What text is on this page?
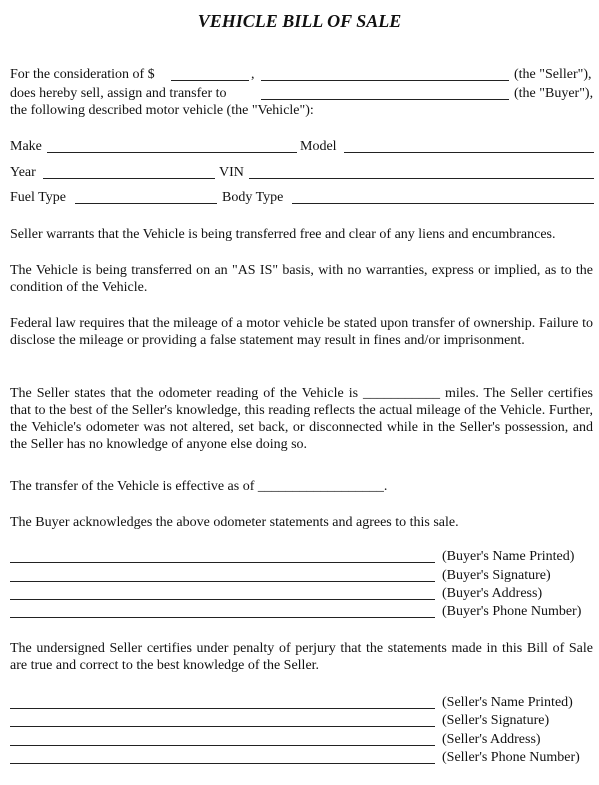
VEHICLE BILL OF SALE
For the consideration of $	,	(the "Seller"),
does hereby sell, assign and transfer to	(the "Buyer"),
the following described motor vehicle (the "Vehicle"):
Make	Model
Year	VIN
Fuel Type	Body Type

Seller warrants that the Vehicle is being transferred free and clear of any liens and encumbrances.

The Vehicle is being transferred on an "AS IS" basis, with no warranties, express or implied, as to the condition of the Vehicle.

Federal law requires that the mileage of a motor vehicle be stated upon transfer of ownership. Failure to disclose the mileage or providing a false statement may result in fines and/or imprisonment.

The Seller states that the odometer reading of the Vehicle is ___________ miles. The Seller certifies that to the best of the Seller's knowledge, this reading reflects the actual mileage of the Vehicle. Further, the Vehicle's odometer was not altered, set back, or disconnected while in the Seller's possession, and the Seller has no knowledge of anyone else doing so.

The transfer of the Vehicle is effective as of __________________.

The Buyer acknowledges the above odometer statements and agrees to this sale.

(Buyer's Name Printed)
(Buyer's Signature)
(Buyer's Address)
(Buyer's Phone Number)

The undersigned Seller certifies under penalty of perjury that the statements made in this Bill of Sale are true and correct to the best knowledge of the Seller.

(Seller's Name Printed)
(Seller's Signature)
(Seller's Address)
(Seller's Phone Number)
